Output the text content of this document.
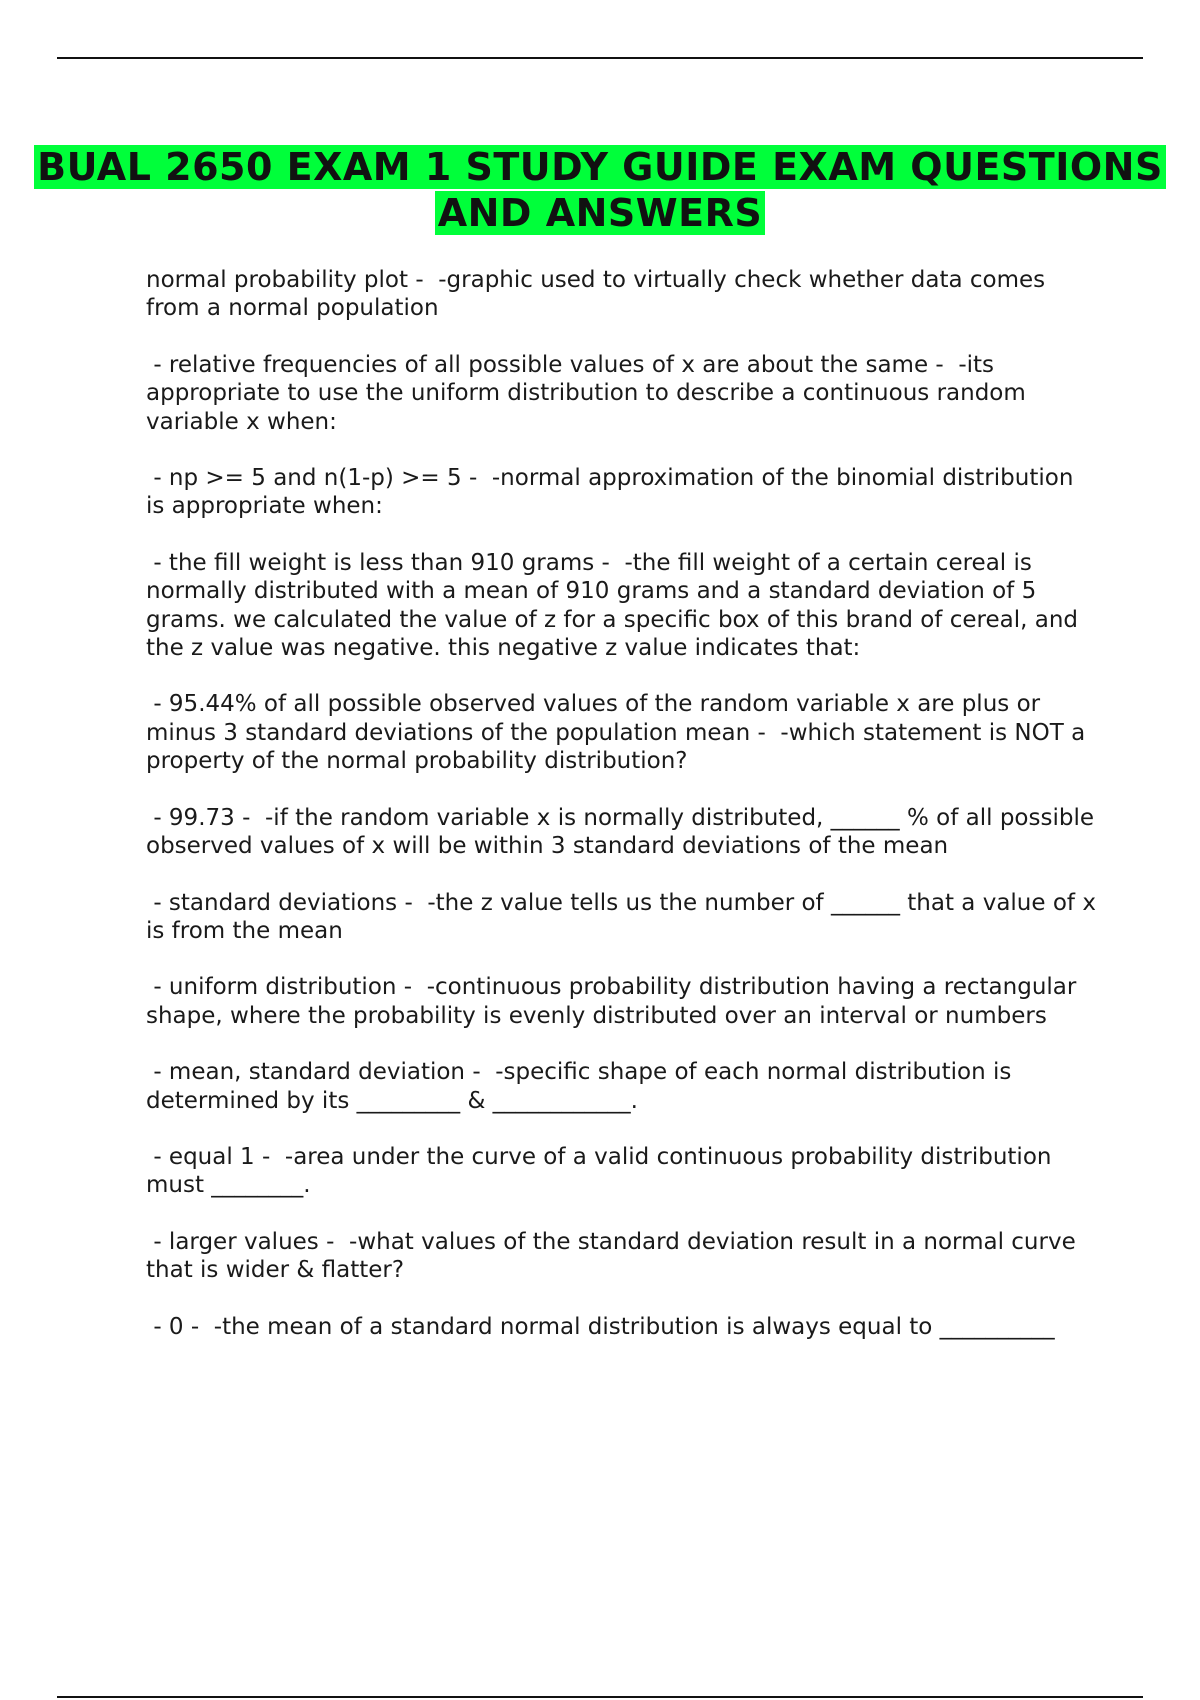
BUAL 2650 EXAM 1 STUDY GUIDE EXAM QUESTIONS AND ANSWERS

normal probability plot -  -graphic used to virtually check whether data comes from a normal population

- relative frequencies of all possible values of x are about the same -  -its appropriate to use the uniform distribution to describe a continuous random variable x when:

- np >= 5 and n(1-p) >= 5 -  -normal approximation of the binomial distribution is appropriate when:

- the fill weight is less than 910 grams -  -the fill weight of a certain cereal is normally distributed with a mean of 910 grams and a standard deviation of 5 grams. we calculated the value of z for a specific box of this brand of cereal, and the z value was negative. this negative z value indicates that:

- 95.44% of all possible observed values of the random variable x are plus or minus 3 standard deviations of the population mean -  -which statement is NOT a property of the normal probability distribution?

- 99.73 -  -if the random variable x is normally distributed, ______ % of all possible observed values of x will be within 3 standard deviations of the mean

- standard deviations -  -the z value tells us the number of ______ that a value of x is from the mean

- uniform distribution -  -continuous probability distribution having a rectangular shape, where the probability is evenly distributed over an interval or numbers

- mean, standard deviation -  -specific shape of each normal distribution is determined by its _________ & ____________.

- equal 1 -  -area under the curve of a valid continuous probability distribution must ________.

- larger values -  -what values of the standard deviation result in a normal curve that is wider & flatter?

- 0 -  -the mean of a standard normal distribution is always equal to __________
